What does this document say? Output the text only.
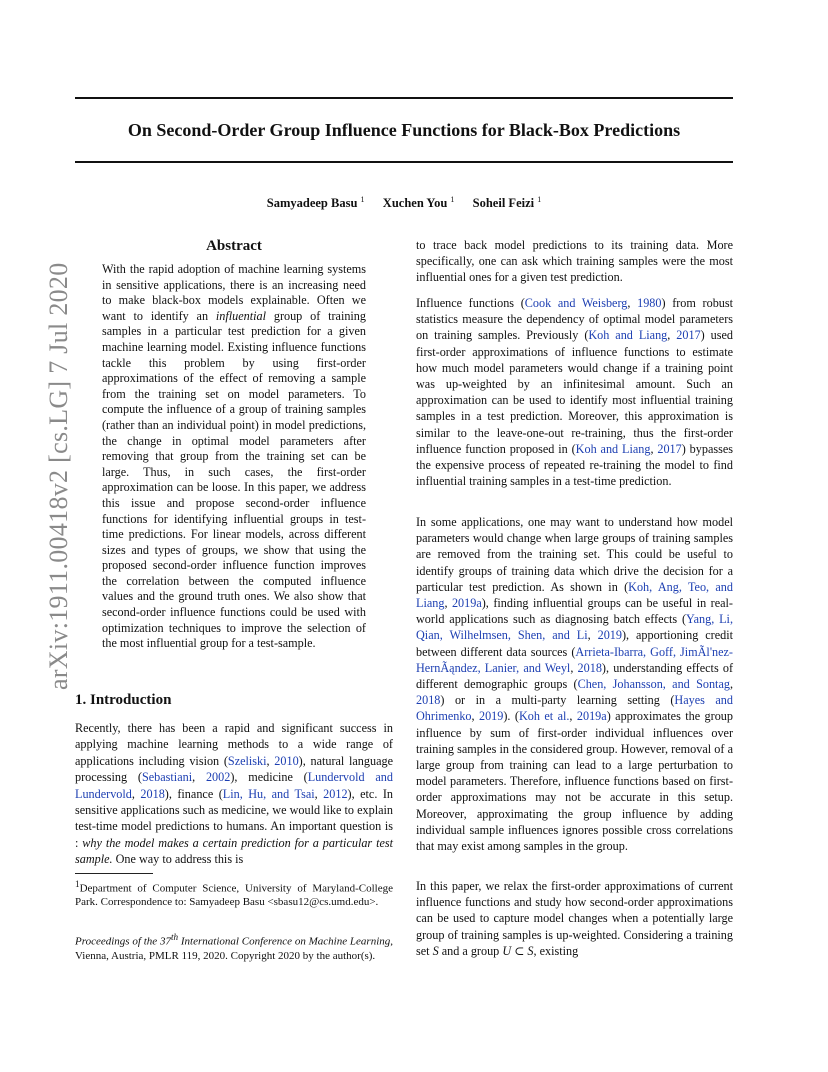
On Second-Order Group Influence Functions for Black-Box Predictions
Samyadeep Basu $^1$ Xuchen You $^1$ Soheil Feizi $^1$
arXiv:1911.00418v2 [cs.LG] 7 Jul 2020
Abstract
With the rapid adoption of machine learning systems in sensitive applications, there is an increasing need to make black-box models explainable. Often we want to identify an influential group of training samples in a particular test prediction for a given machine learning model. Existing influence functions tackle this problem by using first-order approximations of the effect of removing a sample from the training set on model parameters. To compute the influence of a group of training samples (rather than an individual point) in model predictions, the change in optimal model parameters after removing that group from the training set can be large. Thus, in such cases, the first-order approximation can be loose. In this paper, we address this issue and propose second-order influence functions for identifying influential groups in test-time predictions. For linear models, across different sizes and types of groups, we show that using the proposed second-order influence function improves the correlation between the computed influence values and the ground truth ones. We also show that second-order influence functions could be used with optimization techniques to improve the selection of the most influential group for a test-sample.
1. Introduction
Recently, there has been a rapid and significant success in applying machine learning methods to a wide range of applications including vision (Szeliski, 2010), natural language processing (Sebastiani, 2002), medicine (Lundervold and Lundervold, 2018), finance (Lin, Hu, and Tsai, 2012), etc. In sensitive applications such as medicine, we would like to explain test-time model predictions to humans. An important question is : why the model makes a certain prediction for a particular test sample. One way to address this is
$^1$Department of Computer Science, University of Maryland-College Park. Correspondence to: Samyadeep Basu <sbasu12@cs.umd.edu>.
Proceedings of the 37th International Conference on Machine Learning, Vienna, Austria, PMLR 119, 2020. Copyright 2020 by the author(s).
to trace back model predictions to its training data. More specifically, one can ask which training samples were the most influential ones for a given test prediction.
Influence functions (Cook and Weisberg, 1980) from robust statistics measure the dependency of optimal model parameters on training samples. Previously (Koh and Liang, 2017) used first-order approximations of influence functions to estimate how much model parameters would change if a training point was up-weighted by an infinitesimal amount. Such an approximation can be used to identify most influential training samples in a test prediction. Moreover, this approximation is similar to the leave-one-out re-training, thus the first-order influence function proposed in (Koh and Liang, 2017) bypasses the expensive process of repeated re-training the model to find influential training samples in a test-time prediction.
In some applications, one may want to understand how model parameters would change when large groups of training samples are removed from the training set. This could be useful to identify groups of training data which drive the decision for a particular test prediction. As shown in (Koh, Ang, Teo, and Liang, 2019a), finding influential groups can be useful in real-world applications such as diagnosing batch effects (Yang, Li, Qian, Wilhelmsen, Shen, and Li, 2019), apportioning credit between different data sources (Arrieta-Ibarra, Goff, JimÃl'nez-HernÃąndez, Lanier, and Weyl, 2018), understanding effects of different demographic groups (Chen, Johansson, and Sontag, 2018) or in a multi-party learning setting (Hayes and Ohrimenko, 2019). (Koh et al., 2019a) approximates the group influence by sum of first-order individual influences over training samples in the considered group. However, removal of a large group from training can lead to a large perturbation to model parameters. Therefore, influence functions based on first-order approximations may not be accurate in this setup. Moreover, approximating the group influence by adding individual sample influences ignores possible cross correlations that may exist among samples in the group.
In this paper, we relax the first-order approximations of current influence functions and study how second-order approximations can be used to capture model changes when a potentially large group of training samples is up-weighted. Considering a training set S and a group U ⊂ S, existing
